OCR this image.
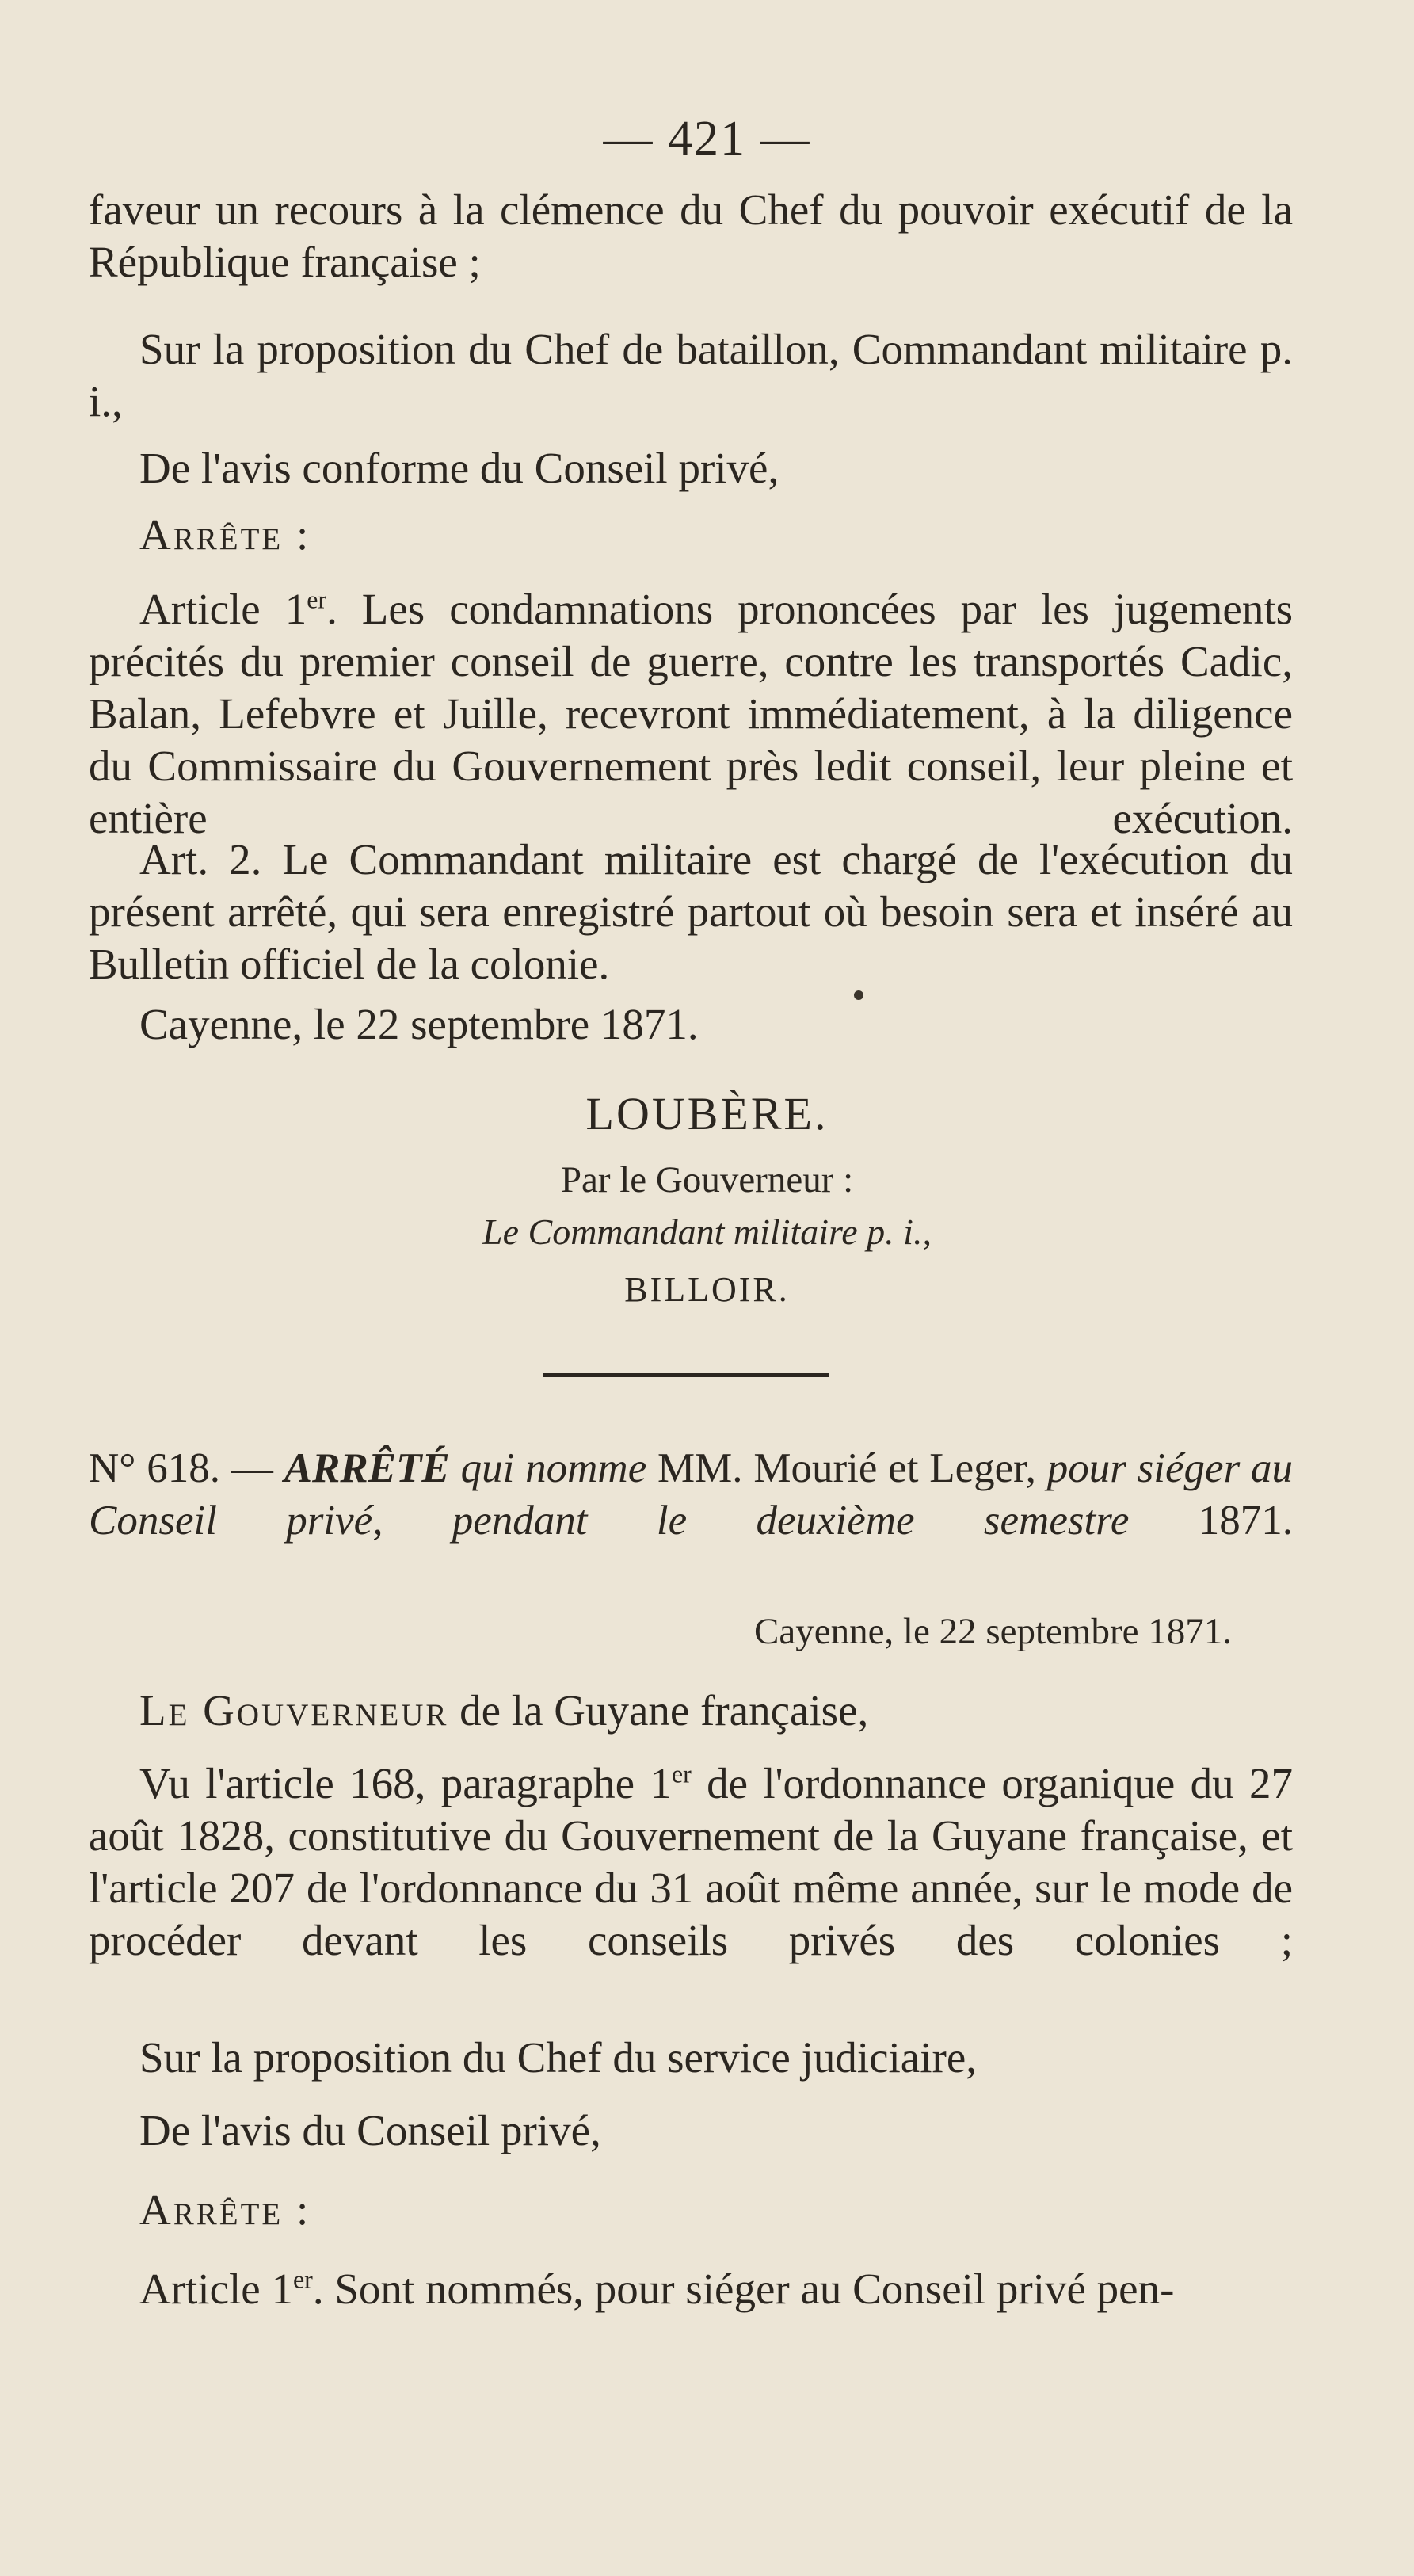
— 421 —

faveur un recours à la clémence du Chef du pouvoir exécutif de la République française ;

Sur la proposition du Chef de bataillon, Commandant militaire p. i.,

De l'avis conforme du Conseil privé,

Arrête :

Article 1er. Les condamnations prononcées par les jugements précités du premier conseil de guerre, contre les transportés Cadic, Balan, Lefebvre et Juille, recevront immédiatement, à la diligence du Commissaire du Gouvernement près ledit conseil, leur pleine et entière exécution.

Art. 2. Le Commandant militaire est chargé de l'exécution du présent arrêté, qui sera enregistré partout où besoin sera et inséré au Bulletin officiel de la colonie.

Cayenne, le 22 septembre 1871.

LOUBÈRE.

Par le Gouverneur :

Le Commandant militaire p. i.,

BILLOIR.

N° 618. — ARRÊTÉ qui nomme MM. Mourié et Leger, pour siéger au Conseil privé, pendant le deuxième semestre 1871.

Cayenne, le 22 septembre 1871.

Le Gouverneur de la Guyane française,

Vu l'article 168, paragraphe 1er de l'ordonnance organique du 27 août 1828, constitutive du Gouvernement de la Guyane française, et l'article 207 de l'ordonnance du 31 août même année, sur le mode de procéder devant les conseils privés des colonies ;

Sur la proposition du Chef du service judiciaire,

De l'avis du Conseil privé,

Arrête :

Article 1er. Sont nommés, pour siéger au Conseil privé pen-
